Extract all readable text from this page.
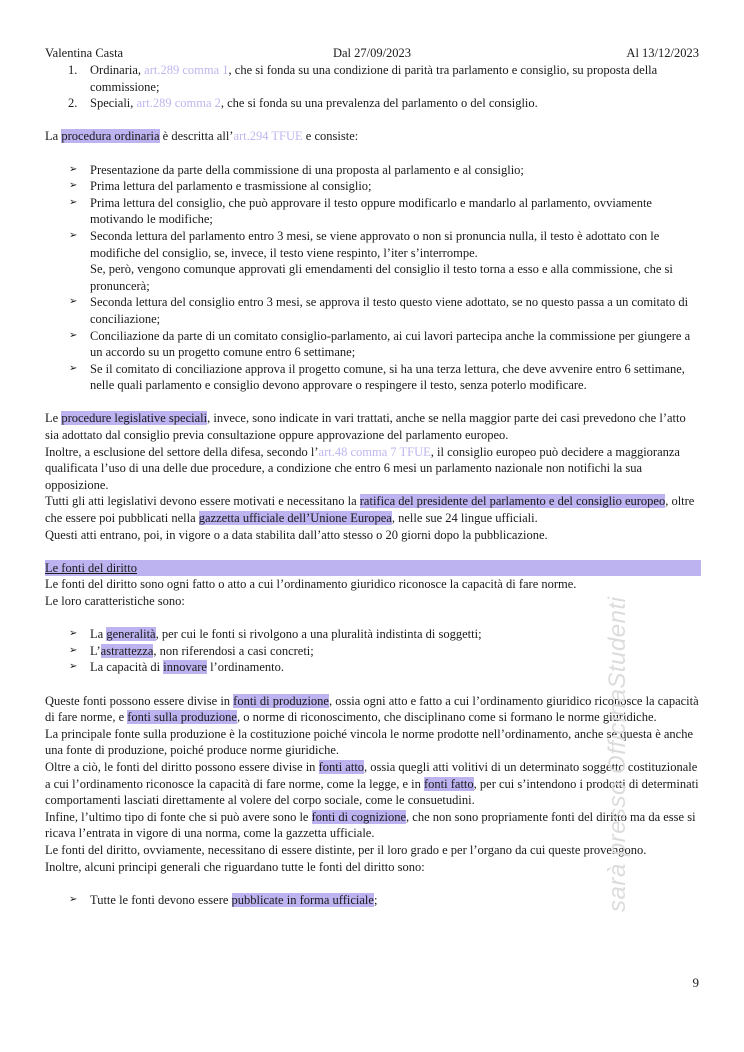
Valentina Casta	Dal 27/09/2023	Al 13/12/2023
1. Ordinaria, art.289 comma 1, che si fonda su una condizione di parità tra parlamento e consiglio, su proposta della commissione;
2. Speciali, art.289 comma 2, che si fonda su una prevalenza del parlamento o del consiglio.

La procedura ordinaria è descritta all’art.294 TFUE e consiste:

➢ Presentazione da parte della commissione di una proposta al parlamento e al consiglio;
➢ Prima lettura del parlamento e trasmissione al consiglio;
➢ Prima lettura del consiglio, che può approvare il testo oppure modificarlo e mandarlo al parlamento, ovviamente motivando le modifiche;
➢ Seconda lettura del parlamento entro 3 mesi, se viene approvato o non si pronuncia nulla, il testo è adottato con le modifiche del consiglio, se, invece, il testo viene respinto, l’iter s’interrompe.
Se, però, vengono comunque approvati gli emendamenti del consiglio il testo torna a esso e alla commissione, che si pronuncerà;
➢ Seconda lettura del consiglio entro 3 mesi, se approva il testo questo viene adottato, se no questo passa a un comitato di conciliazione;
➢ Conciliazione da parte di un comitato consiglio-parlamento, ai cui lavori partecipa anche la commissione per giungere a un accordo su un progetto comune entro 6 settimane;
➢ Se il comitato di conciliazione approva il progetto comune, si ha una terza lettura, che deve avvenire entro 6 settimane, nelle quali parlamento e consiglio devono approvare o respingere il testo, senza poterlo modificare.

Le procedure legislative speciali, invece, sono indicate in vari trattati, anche se nella maggior parte dei casi prevedono che l’atto sia adottato dal consiglio previa consultazione oppure approvazione del parlamento europeo.

Inoltre, a esclusione del settore della difesa, secondo l’art.48 comma 7 TFUE, il consiglio europeo può decidere a maggioranza qualificata l’uso di una delle due procedure, a condizione che entro 6 mesi un parlamento nazionale non notifichi la sua opposizione.

Tutti gli atti legislativi devono essere motivati e necessitano la ratifica del presidente del parlamento e del consiglio europeo, oltre che essere poi pubblicati nella gazzetta ufficiale dell’Unione Europea, nelle sue 24 lingue ufficiali.

Questi atti entrano, poi, in vigore o a data stabilita dall’atto stesso o 20 giorni dopo la pubblicazione.

Le fonti del diritto

Le fonti del diritto sono ogni fatto o atto a cui l’ordinamento giuridico riconosce la capacità di fare norme.

Le loro caratteristiche sono:

➢ La generalità, per cui le fonti si rivolgono a una pluralità indistinta di soggetti;
➢ L’astrattezza, non riferendosi a casi concreti;
➢ La capacità di innovare l’ordinamento.

Queste fonti possono essere divise in fonti di produzione, ossia ogni atto e fatto a cui l’ordinamento giuridico riconosce la capacità di fare norme, e fonti sulla produzione, o norme di riconoscimento, che disciplinano come si formano le norme giuridiche.

La principale fonte sulla produzione è la costituzione poiché vincola le norme prodotte nell’ordinamento, anche se questa è anche una fonte di produzione, poiché produce norme giuridiche.

Oltre a ciò, le fonti del diritto possono essere divise in fonti atto, ossia quegli atti volitivi di un determinato soggetto costituzionale a cui l’ordinamento riconosce la capacità di fare norme, come la legge, e in fonti fatto, per cui s’intendono i prodotti di determinati comportamenti lasciati direttamente al volere del corpo sociale, come le consuetudini.

Infine, l’ultimo tipo di fonte che si può avere sono le fonti di cognizione, che non sono propriamente fonti del diritto ma da esse si ricava l’entrata in vigore di una norma, come la gazzetta ufficiale.

Le fonti del diritto, ovviamente, necessitano di essere distinte, per il loro grado e per l’organo da cui queste provengono.

Inoltre, alcuni principi generali che riguardano tutte le fonti del diritto sono:

➢ Tutte le fonti devono essere pubblicate in forma ufficiale;	sarà presso OfficinaStudenti
9
